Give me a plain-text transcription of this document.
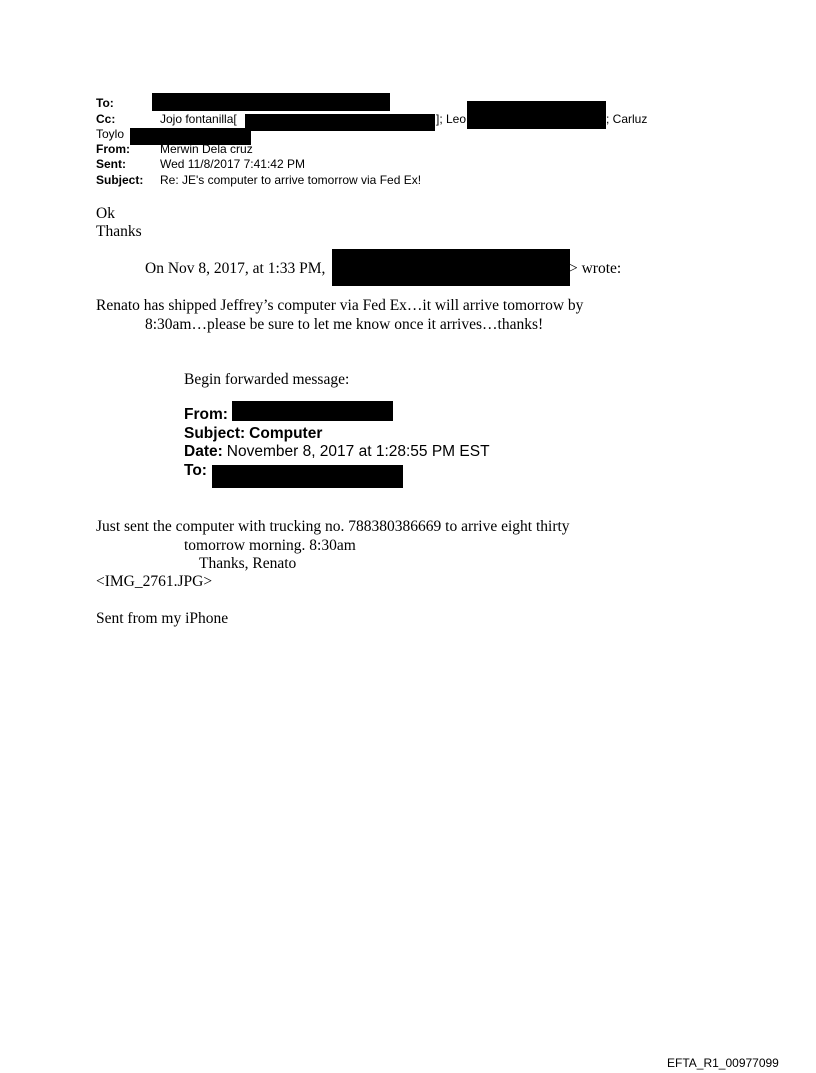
To:
Cc:	Jojo fontanilla[	]; Leo	; Carluz
Toylo
From:	Merwin Dela cruz
Sent:	Wed 11/8/2017 7:41:42 PM
Subject: Re: JE's computer to arrive tomorrow via Fed Ex!
Ok
Thanks
On Nov 8, 2017, at 1:33 PM,	> wrote:
Renato has shipped Jeffrey’s computer via Fed Ex…it will arrive tomorrow by
8:30am…please be sure to let me know once it arrives…thanks!
Begin forwarded message:
From:
Subject: Computer
Date: November 8, 2017 at 1:28:55 PM EST
To:
Just sent the computer with trucking no. 788380386669 to arrive eight thirty
tomorrow morning. 8:30am
Thanks, Renato
<IMG_2761.JPG>
Sent from my iPhone
EFTA_R1_00977099
